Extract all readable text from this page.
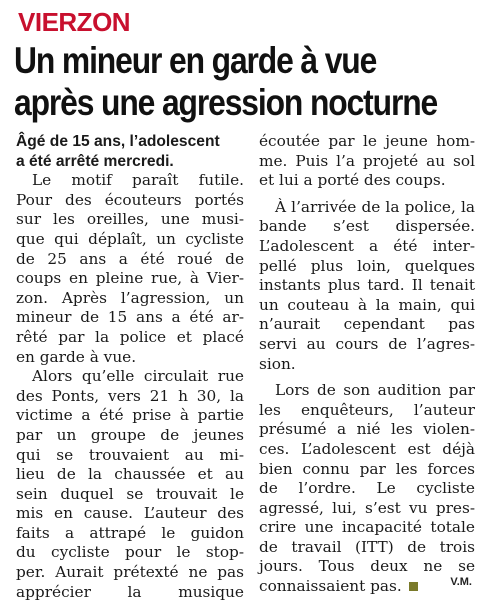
VIERZON
Un mineur en garde à vue
après une agression nocturne
Âgé de 15 ans, l’adolescent
a été arrêté mercredi.
Le motif paraît futile.
Pour des écouteurs portés
sur les oreilles, une musi-
que qui déplaît, un cycliste
de 25 ans a été roué de
coups en pleine rue, à Vier-
zon. Après l’agression, un
mineur de 15 ans a été ar-
rêté par la police et placé
en garde à vue.
Alors qu’elle circulait rue
des Ponts, vers 21 h 30, la
victime a été prise à partie
par un groupe de jeunes
qui se trouvaient au mi-
lieu de la chaussée et au
sein duquel se trouvait le
mis en cause. L’auteur des
faits a attrapé le guidon
du cycliste pour le stop-
per. Aurait prétexté ne pas
apprécier la musique
écoutée par le jeune hom-
me. Puis l’a projeté au sol
et lui a porté des coups.
À l’arrivée de la police, la
bande s’est dispersée.
L’adolescent a été inter-
pellé plus loin, quelques
instants plus tard. Il tenait
un couteau à la main, qui
n’aurait cependant pas
servi au cours de l’agres-
sion.
Lors de son audition par
les enquêteurs, l’auteur
présumé a nié les violen-
ces. L’adolescent est déjà
bien connu par les forces
de l’ordre. Le cycliste
agressé, lui, s’est vu pres-
crire une incapacité totale
de travail (ITT) de trois
jours. Tous deux ne se
connaissaient pas.	V.M.
